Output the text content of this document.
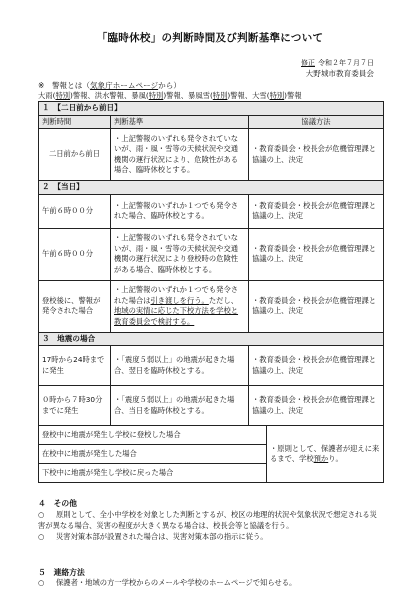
「臨時休校」の判断時間及び判断基準について
修正 令和２年７月７日
大野城市教育委員会
※　警報とは（気象庁ホームページから）
大雨(特別)警報、洪水警報、暴風(特別)警報、暴風雪(特別)警報、大雪(特別)警報
１　【二日前から前日】			
判断時間	判断基準	協議方法	
二日前から前日	・上記警報のいずれも発令されていないが、雨・風・雪等の天候状況や交通機関の運行状況により、危険性がある場合、臨時休校とする。	・教育委員会・校長会が危機管理課と協議の上、決定	
２　【当日】			
午前６時００分	・上記警報のいずれか１つでも発令された場合、臨時休校とする。	・教育委員会・校長会が危機管理課と協議の上、決定	
午前６時００分	・上記警報のいずれも発令されていないが、雨・風・雪等の天候状況や交通機関の運行状況により登校時の危険性がある場合、臨時休校とする。	・教育委員会・校長会が危機管理課と協議の上、決定	
登校後に、警報が発令された場合	・上記警報のいずれか１つでも発令された場合は引き渡しを行う。ただし、地域の実情に応じた下校方法を学校と教育委員会で検討する。	・教育委員会・校長会が危機管理課と協議の上、決定	
３　地震の場合			
17時から24時までに発生	・「震度５弱以上」の地震が起きた場合、翌日を臨時休校とする。	・教育委員会・校長会が危機管理課と協議の上、決定	
０時から７時30分までに発生	・「震度５弱以上」の地震が起きた場合、当日を臨時休校とする。	・教育委員会・校長会が危機管理課と協議の上、決定	
登校中に地震が発生し学校に登校した場合			・原則として、保護者が迎えに来るまで、学校預かり。
在校中に地震が発生した場合			
下校中に地震が発生し学校に戻った場合			
４　その他
○ 原則として、全小中学校を対象とした判断とするが、校区の地理的状況や気象状況で想定される災害が異なる場合、災害の程度が大きく異なる場合は、校長会等と協議を行う。
○ 災害対策本部が設置された場合は、災害対策本部の指示に従う。
５　連絡方法
○ 保護者・地域の方一学校からのメールや学校のホームページで知らせる。
